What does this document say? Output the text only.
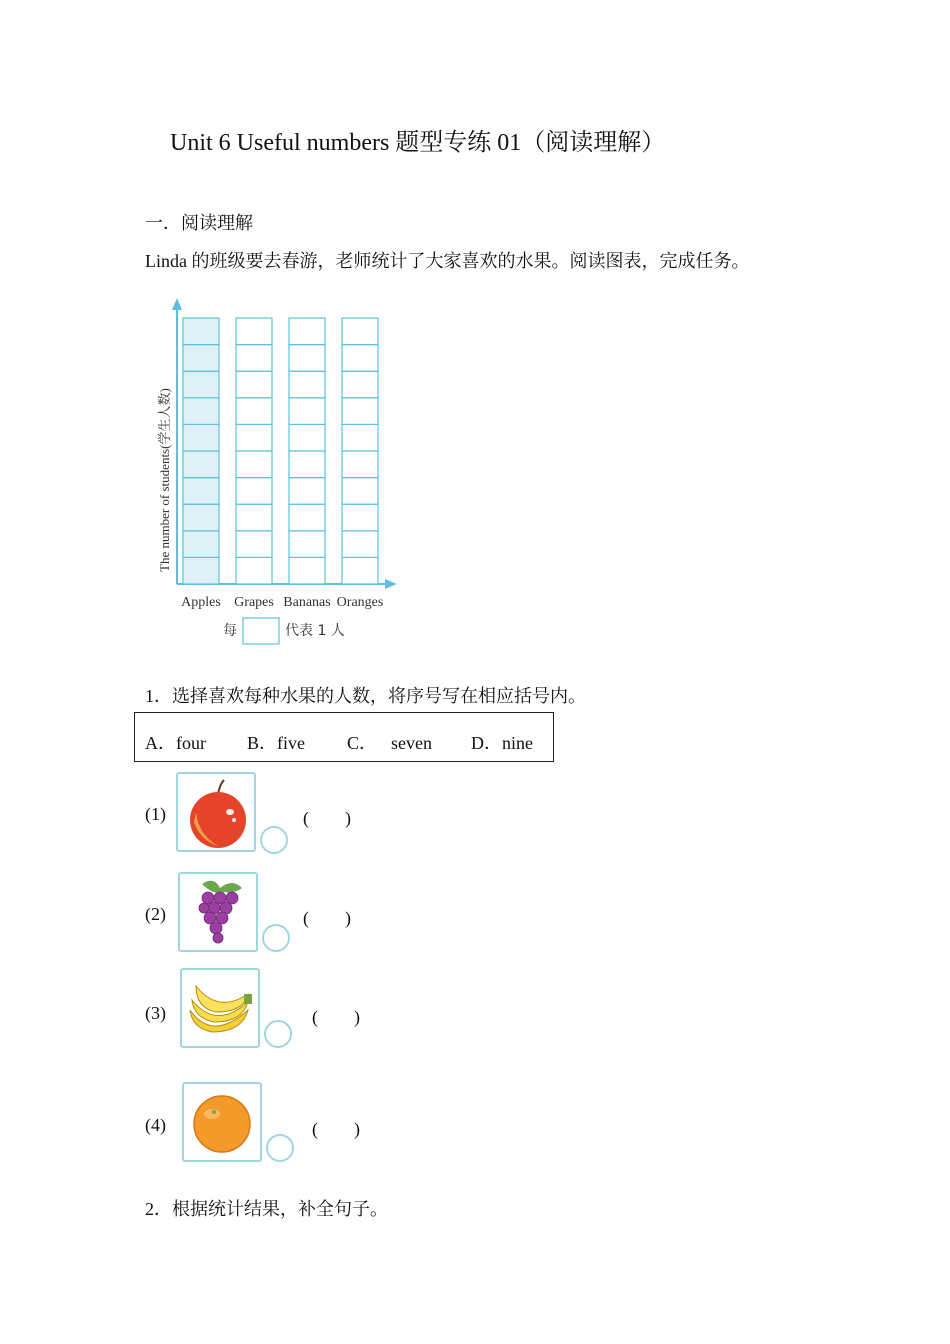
Unit 6 Useful numbers 题型专练 01（阅读理解）
一．阅读理解
Linda 的班级要去春游，老师统计了大家喜欢的水果。阅读图表，完成任务。
Apples Grapes Bananas Oranges
The number of students(学生人数)
每	代表 1 人
1．选择喜欢每种水果的人数，将序号写在相应括号内。
A．four B．five C． seven D．nine
(1)	(　　)
(2)	(　　)
(3)	(　　)
(4)	(　　)
2．根据统计结果，补全句子。
